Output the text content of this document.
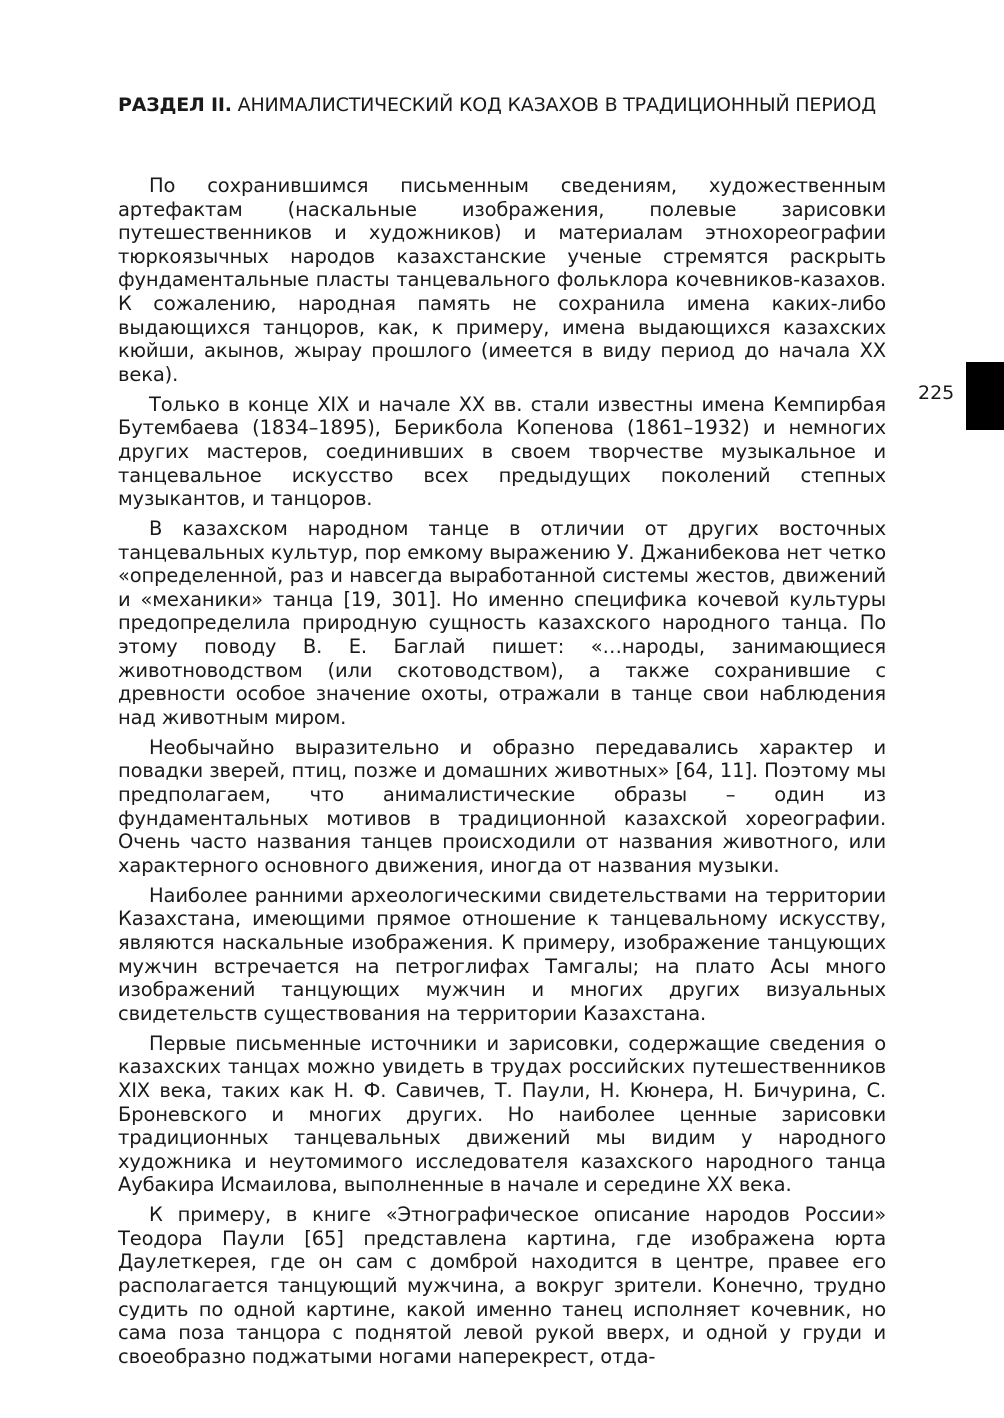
РАЗДЕЛ II. АНИМАЛИСТИЧЕСКИЙ КОД КАЗАХОВ В ТРАДИЦИОННЫЙ ПЕРИОД
225

По сохранившимся письменным сведениям, художественным артефактам (наскальные изображения, полевые зарисовки путешественников и художников) и материалам этнохореографии тюркоязычных народов казахстанские ученые стремятся раскрыть фундаментальные пласты танцевального фольклора кочевников-казахов. К сожалению, народная память не сохранила имена каких-либо выдающихся танцоров, как, к примеру, имена выдающихся казахских кюйши, акынов, жырау прошлого (имеется в виду период до начала XX века).

Только в конце XIX и начале XX вв. стали известны имена Кемпирбая Бутембаева (1834–1895), Берикбола Копенова (1861–1932) и немногих других мастеров, соединивших в своем творчестве музыкальное и танцевальное искусство всех предыдущих поколений степных музыкантов, и танцоров.

В казахском народном танце в отличии от других восточных танцевальных культур, пор емкому выражению У. Джанибекова нет четко «определенной, раз и навсегда выработанной системы жестов, движений и «механики» танца [19, 301]. Но именно специфика кочевой культуры предопределила природную сущность казахского народного танца. По этому поводу В. Е. Баглай пишет: «…народы, занимающиеся животноводством (или скотоводством), а также сохранившие с древности особое значение охоты, отражали в танце свои наблюдения над животным миром.

Необычайно выразительно и образно передавались характер и повадки зверей, птиц, позже и домашних животных» [64, 11]. Поэтому мы предполагаем, что анималистические образы – один из фундаментальных мотивов в традиционной казахской хореографии. Очень часто названия танцев происходили от названия животного, или характерного основного движения, иногда от названия музыки.

Наиболее ранними археологическими свидетельствами на территории Казахстана, имеющими прямое отношение к танцевальному искусству, являются наскальные изображения. К примеру, изображение танцующих мужчин встречается на петроглифах Тамгалы; на плато Асы много изображений танцующих мужчин и многих других визуальных свидетельств существования на территории Казахстана.

Первые письменные источники и зарисовки, содержащие сведения о казахских танцах можно увидеть в трудах российских путешественников XIX века, таких как Н. Ф. Савичев, Т. Паули, Н. Кюнера, Н. Бичурина, С. Броневского и многих других. Но наиболее ценные зарисовки традиционных танцевальных движений мы видим у народного художника и неутомимого исследователя казахского народного танца Аубакира Исмаилова, выполненные в начале и середине XX века.

К примеру, в книге «Этнографическое описание народов России» Теодора Паули [65] представлена картина, где изображена юрта Даулеткерея, где он сам с домброй находится в центре, правее его располагается танцующий мужчина, а вокруг зрители. Конечно, трудно судить по одной картине, какой именно танец исполняет кочевник, но сама поза танцора с поднятой левой рукой вверх, и одной у груди и своеобразно поджатыми ногами наперекрест, отда-
